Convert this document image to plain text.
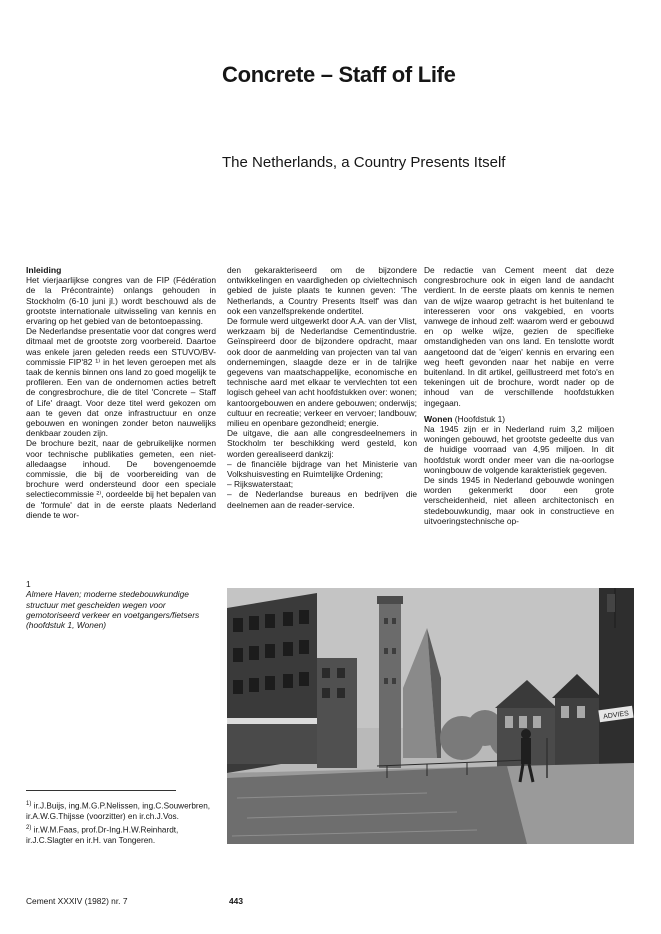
Concrete – Staff of Life
The Netherlands, a Country Presents Itself
Inleiding

Het vierjaarlijkse congres van de FIP (Fédération de la Précontrainte) onlangs gehouden in Stockholm (6-10 juni jl.) wordt beschouwd als de grootste internationale uitwisseling van kennis en ervaring op het gebied van de betontoepassing.

De Nederlandse presentatie voor dat congres werd ditmaal met de grootste zorg voorbereid. Daartoe was enkele jaren geleden reeds een STUVO/BV-commissie FIP'82 ¹⁾ in het leven geroepen met als taak de kennis binnen ons land zo goed mogelijk te profileren. Een van de ondernomen acties betreft de congresbrochure, die de titel 'Concrete – Staff of Life' draagt. Voor deze titel werd gekozen om aan te geven dat onze infrastructuur en onze gebouwen en woningen zonder beton nauwelijks denkbaar zouden zijn.

De brochure bezit, naar de gebruikelijke normen voor technische publikaties gemeten, een niet-alledaagse inhoud. De bovengenoemde commissie, die bij de voorbereiding van de brochure werd ondersteund door een speciale selectiecommissie ²⁾, oordeelde bij het bepalen van de 'formule' dat in de eerste plaats Nederland diende te wor-

den gekarakteriseerd om de bijzondere ontwikkelingen en vaardigheden op civieltechnisch gebied de juiste plaats te kunnen geven: 'The Netherlands, a Country Presents Itself' was dan ook een vanzelfsprekende ondertitel.

De formule werd uitgewerkt door A.A. van der Vlist, werkzaam bij de Nederlandse Cementindustrie. Geïnspireerd door de bijzondere opdracht, maar ook door de aanmelding van projecten van tal van ondernemingen, slaagde deze er in de talrijke gegevens van maatschappelijke, economische en technische aard met elkaar te vervlechten tot een logisch geheel van acht hoofdstukken over: wonen; kantoorgebouwen en andere gebouwen; onderwijs; cultuur en recreatie; verkeer en vervoer; landbouw; milieu en openbare gezondheid; energie.

De uitgave, die aan alle congresdeelnemers in Stockholm ter beschikking werd gesteld, kon worden gerealiseerd dankzij:

– de financiële bijdrage van het Ministerie van Volkshuisvesting en Ruimtelijke Ordening;

– Rijkswaterstaat;

– de Nederlandse bureaus en bedrijven die deelnemen aan de reader-service.

De redactie van Cement meent dat deze congresbrochure ook in eigen land de aandacht verdient. In de eerste plaats om kennis te nemen van de wijze waarop getracht is het buitenland te interesseren voor ons vakgebied, en voorts vanwege de inhoud zelf: waarom werd er gebouwd en op welke wijze, gezien de specifieke omstandigheden van ons land. En tenslotte wordt aangetoond dat de 'eigen' kennis en ervaring een weg heeft gevonden naar het nabije en verre buitenland. In dit artikel, geïllustreerd met foto's en tekeningen uit de brochure, wordt nader op de inhoud van de verschillende hoofdstukken ingegaan.

Wonen (Hoofdstuk 1)

Na 1945 zijn er in Nederland ruim 3,2 miljoen woningen gebouwd, het grootste gedeelte dus van de huidige voorraad van 4,95 miljoen. In dit hoofdstuk wordt onder meer van die na-oorlogse woningbouw de volgende karakteristiek gegeven.

De sinds 1945 in Nederland gebouwde woningen worden gekenmerkt door een grote verscheidenheid, niet alleen architectonisch en stedebouwkundig, maar ook in constructieve en uitvoeringstechnische op-

1
Almere Haven; moderne stedebouwkundige structuur met gescheiden wegen voor gemotoriseerd verkeer en voetgangers/fietsers (hoofdstuk 1, Wonen)
ADVIES

$^{1)}$ ir.J.Buijs, ing.M.G.P.Nelissen, ing.C.Souwerbren, ir.A.W.G.Thijsse (voorzitter) en ir.ch.J.Vos.

$^{2)}$ ir.W.M.Faas, prof.Dr-Ing.H.W.Reinhardt, ir.J.C.Slagter en ir.H. van Tongeren.

Cement XXXIV (1982) nr. 7	443
